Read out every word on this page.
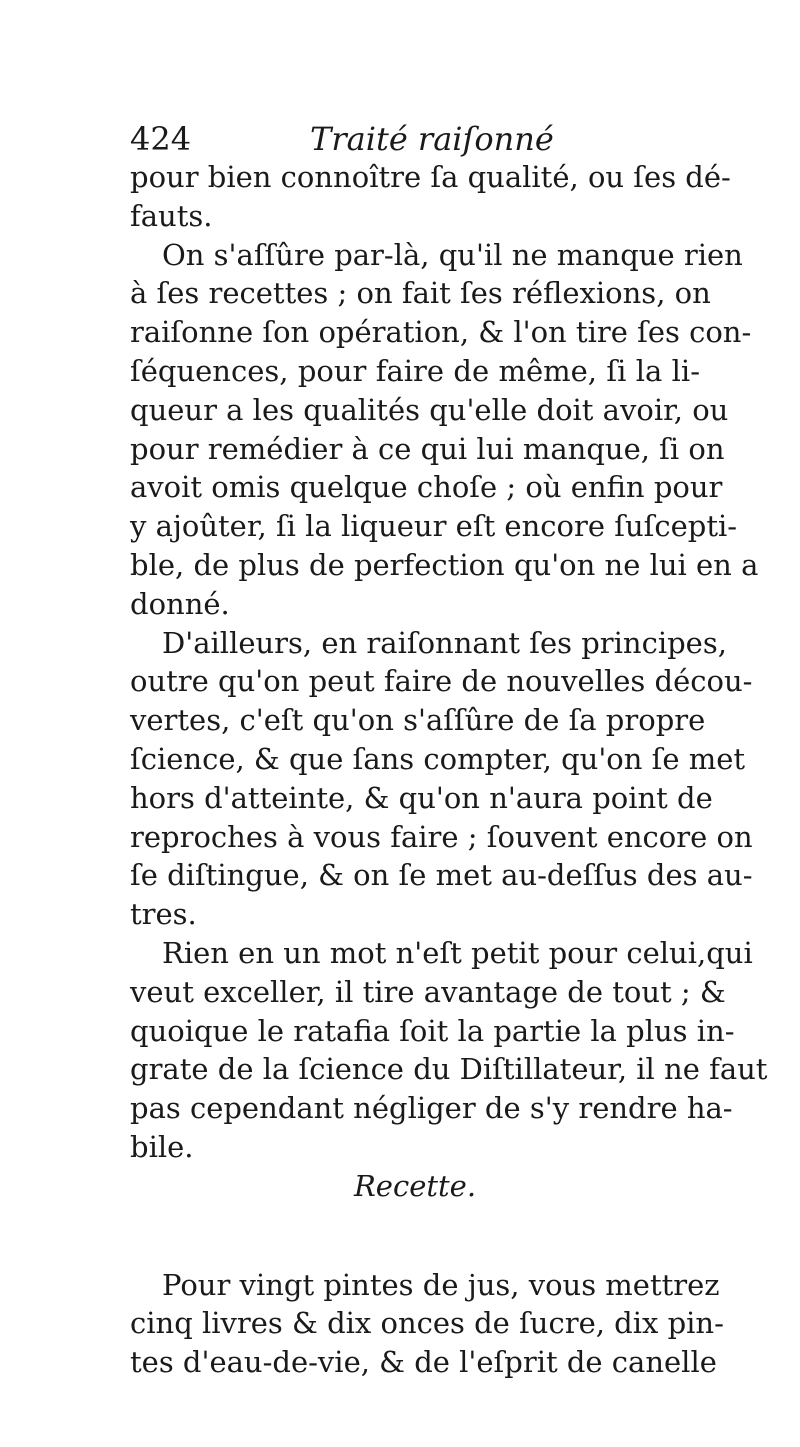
424	Traité raiſonné
pour bien connoître ſa qualité, ou ſes dé-
fauts.
On s'aſſûre par-là, qu'il ne manque rien
à ſes recettes ; on fait ſes réflexions, on
raiſonne ſon opération, & l'on tire ſes con-
ſéquences, pour faire de même, ſi la li-
queur a les qualités qu'elle doit avoir, ou
pour remédier à ce qui lui manque, ſi on
avoit omis quelque choſe ; où enfin pour
y ajoûter, ſi la liqueur eſt encore ſuſcepti-
ble, de plus de perfection qu'on ne lui en a
donné.
D'ailleurs, en raiſonnant ſes principes,
outre qu'on peut faire de nouvelles décou-
vertes, c'eſt qu'on s'aſſûre de ſa propre
ſcience, & que ſans compter, qu'on ſe met
hors d'atteinte, & qu'on n'aura point de
reproches à vous faire ; ſouvent encore on
ſe diſtingue, & on ſe met au-deſſus des au-
tres.
Rien en un mot n'eſt petit pour celui,qui
veut exceller, il tire avantage de tout ; &
quoique le ratafia ſoit la partie la plus in-
grate de la ſcience du Diſtillateur, il ne faut
pas cependant négliger de s'y rendre ha-
bile.
Recette.
Pour vingt pintes de jus, vous mettrez
cinq livres & dix onces de ſucre, dix pin-
tes d'eau-de-vie, & de l'eſprit de canelle
